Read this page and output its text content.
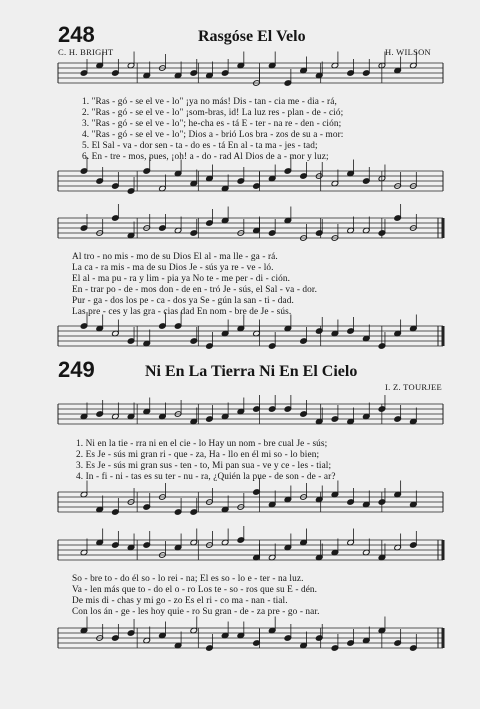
248	Rasgóse El Velo
C. H. BRIGHT	H. WILSON
1. "Ras - gó - se el ve - lo" ¡ya no más! Dis - tan - cia me - dia - rá,
2. "Ras - gó - se el ve - lo" ¡som-bras, id! La luz res - plan - de - ció;
3. "Ras - gó - se el ve - lo"; he-cha es - tá E - ter - na re - den - ción;
4. "Ras - gó - se el ve - lo"; Dios a - brió Los bra - zos de su a - mor:
5. El Sal - va - dor sen - ta - do es - tá En al - ta ma - jes - tad;
6. En - tre - mos, pues, ¡oh! a - do - rad Al Dios de a - mor y luz;
Al tro - no mis - mo de su Dios El al - ma lle - ga - rá.
La ca - ra mis - ma de su Dios Je - sús ya re - ve - ló.
El al - ma pu - ra y lim - pia ya No te - me per - di - ción.
En - trar po - de - mos don - de en - tró Je - sús, el Sal - va - dor.
Pur - ga - dos los pe - ca - dos ya Se - gún la san - ti - dad.
Las pre - ces y las gra - cias dad En nom - bre de Je - sús.
249	Ni En La Tierra Ni En El Cielo
I. Z. TOURJEE
1. Ni en la tie - rra ni en el cie - lo Hay un nom - bre cual Je - sús;
2. Es Je - sús mi gran ri - que - za, Ha - llo en él mi so - lo bien;
3. Es Je - sús mi gran sus - ten - to, Mi pan sua - ve y ce - les - tial;
4. In - fi - ni - tas es su ter - nu - ra, ¿Quién la pue - de son - de - ar?
So - bre to - do él so - lo rei - na; El es so - lo e - ter - na luz.
Va - len más que to - do el o - ro Los te - so - ros que su E - dén.
De mis di - chas y mi go - zo Es el ri - co ma - nan - tial.
Con los án - ge - les hoy quie - ro Su gran - de - za pre - go - nar.
